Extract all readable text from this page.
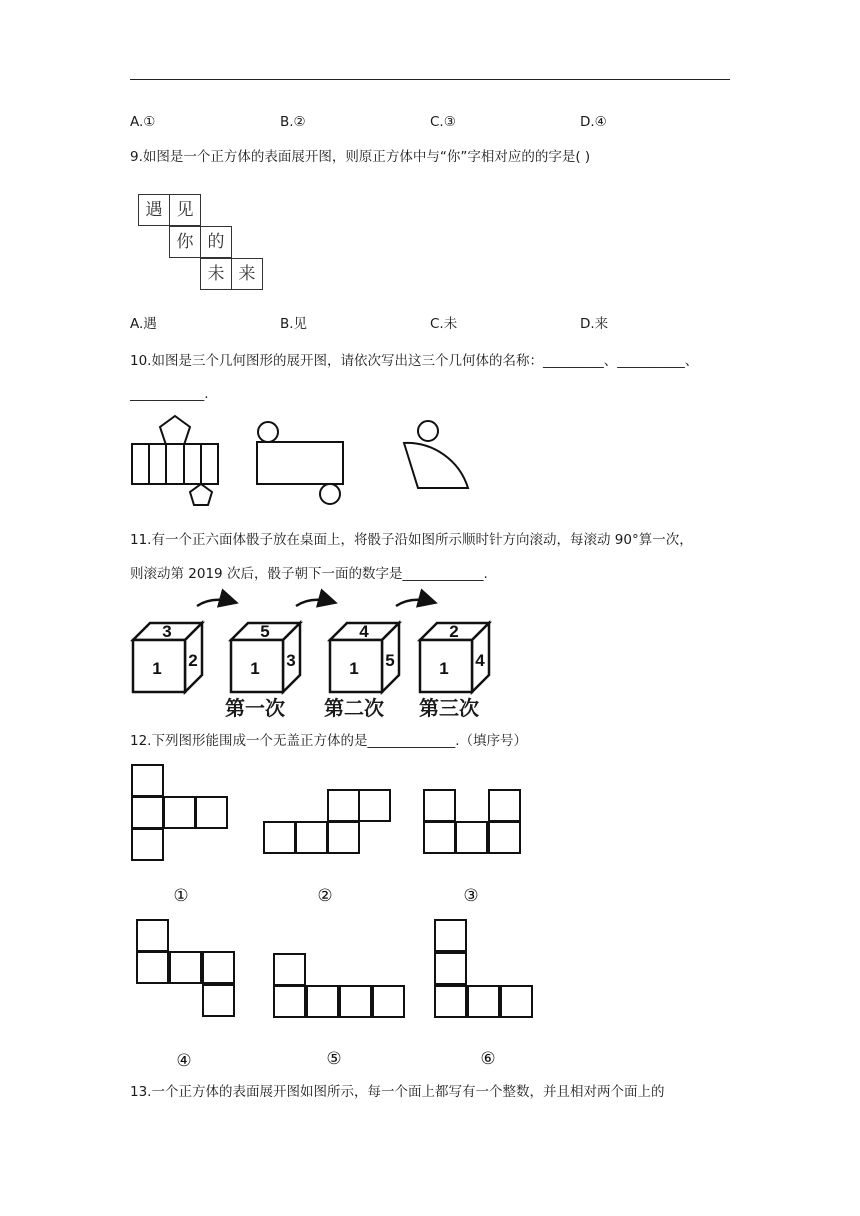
A.①	B.②	C.③	D.④
9.如图是一个正方体的表面展开图，则原正方体中与“你”字相对应的的字是( )
遇 见
你 的
未 来
A.遇	B.见	C.未	D.来
10.如图是三个几何图形的展开图，请依次写出这三个几何体的名称：_________、__________、
___________.
11.有一个正六面体骰子放在桌面上，将骰子沿如图所示顺时针方向滚动，每滚动 90°算一次，
则滚动第 2019 次后，骰子朝下一面的数字是____________.
3
1 2
5
1 3
4
1 5
2
1 4
第一次 第二次 第三次
12.下列图形能围成一个无盖正方体的是_____________.（填序号）
①	②	③
④	⑤	⑥
13.一个正方体的表面展开图如图所示，每一个面上都写有一个整数，并且相对两个面上的
